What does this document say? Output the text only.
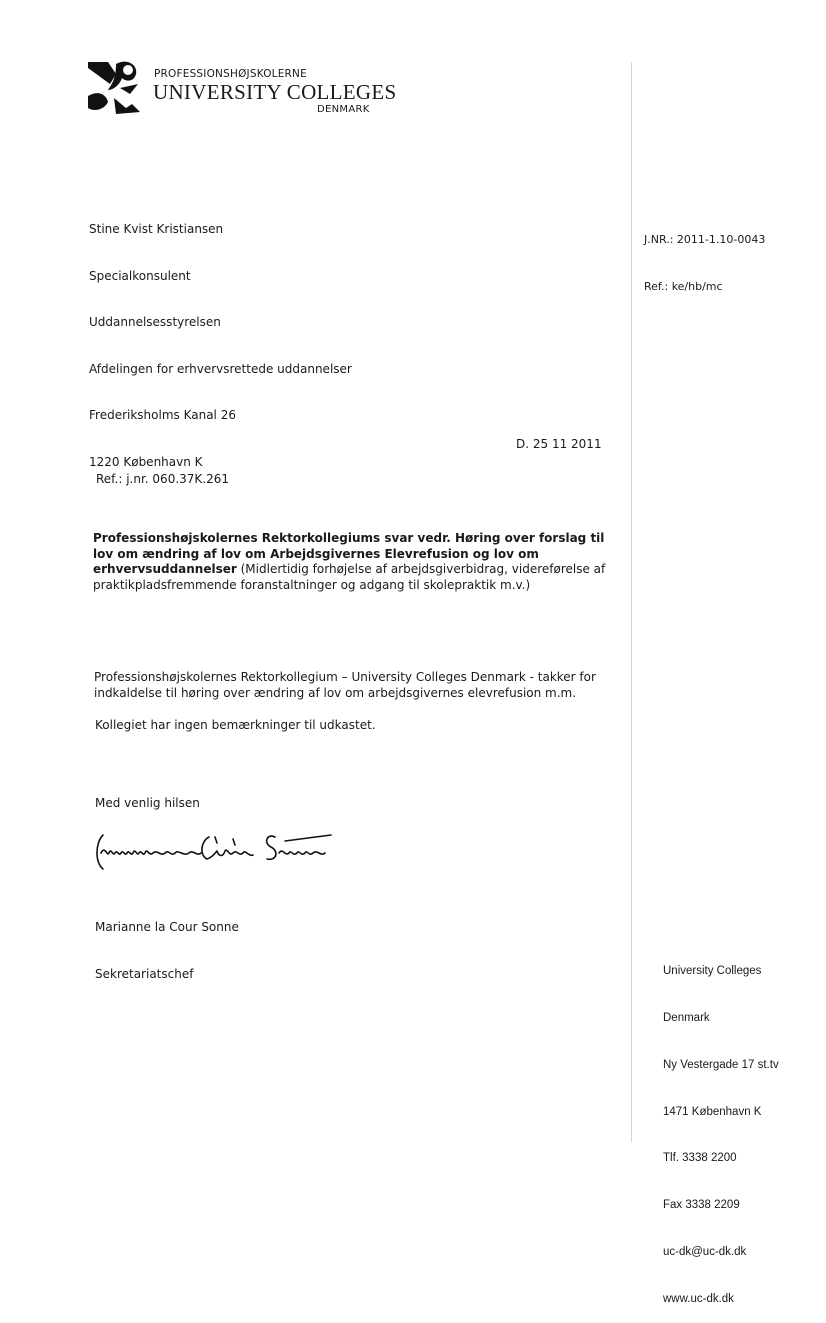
PROFESSIONSHØJSKOLERNE
UNIVERSITY COLLEGES
DENMARK

Stine Kvist Kristiansen

Specialkonsulent

Uddannelsesstyrelsen

Afdelingen for erhvervsrettede uddannelser

Frederiksholms Kanal 26

1220 København K

J.NR.: 2011-1.10-0043

Ref.: ke/hb/mc

D. 25 11 2011
Ref.: j.nr. 060.37K.261
Professionshøjskolernes Rektorkollegiums svar vedr. Høring over forslag til lov om ændring af lov om Arbejdsgivernes Elevrefusion og lov om erhvervsuddannelser (Midlertidig forhøjelse af arbejdsgiverbidrag, videreførelse af praktikpladsfremmende foranstaltninger og adgang til skolepraktik m.v.)
Professionshøjskolernes Rektorkollegium – University Colleges Denmark - takker for indkaldelse til høring over ændring af lov om arbejdsgivernes elevrefusion m.m.
Kollegiet har ingen bemærkninger til udkastet.
Med venlig hilsen

Marianne la Cour Sonne

Sekretariatschef

	University Colleges

Denmark

Ny Vestergade 17 st.tv

1471 København K

Tlf. 3338 2200

Fax 3338 2209

uc-dk@uc-dk.dk

www.uc-dk.dk
